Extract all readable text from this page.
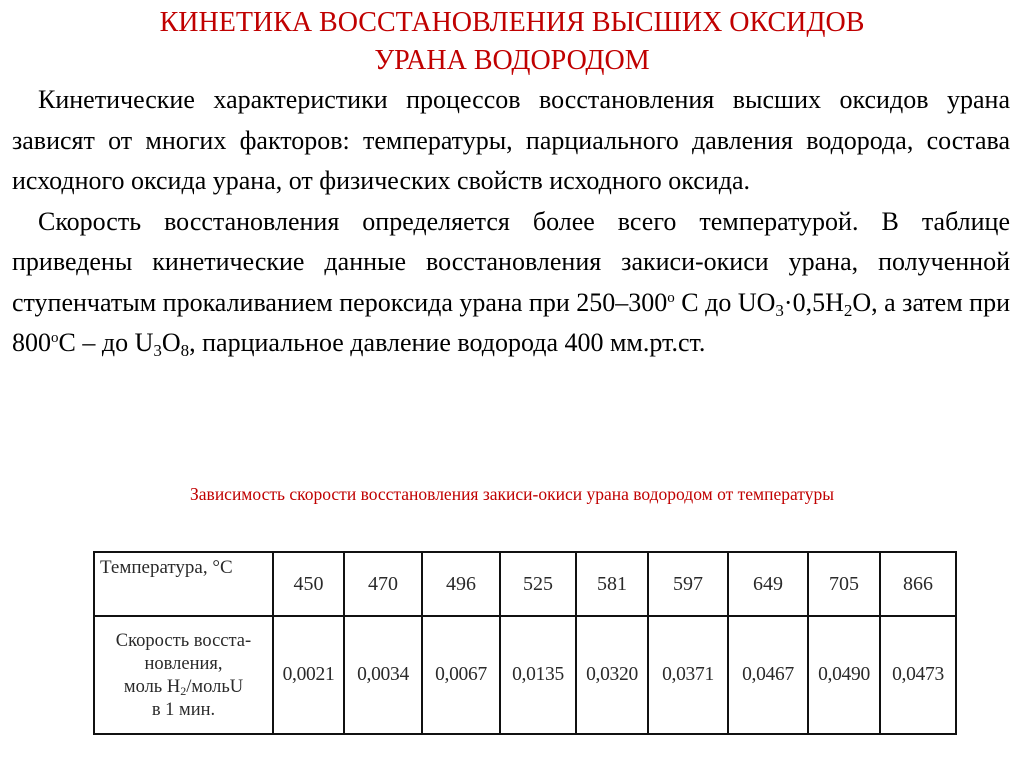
КИНЕТИКА ВОССТАНОВЛЕНИЯ ВЫСШИХ ОКСИДОВ
УРАНА ВОДОРОДОМ

Кинетические характеристики процессов восстановления высших оксидов урана зависят от многих факторов: температуры, парциального давления водорода, состава исходного оксида урана, от физических свойств исходного оксида.

Скорость восстановления определяется более всего температурой. В таблице приведены кинетические данные восстановления закиси-окиси урана, полученной ступенчатым прокаливанием пероксида урана при 250–300$^o$ С до $UO_3\cdot 0,5H_2O$, а затем при 800$^o$С – до $U_3O_8$, парциальное давление водорода 400 мм.рт.ст.

Зависимость скорости восстановления закиси-окиси урана водородом от температуры
Температура, °С	450	470	496	525	581	597	649	705	866

Скорость восста-
новления,
моль $H_2$/мольU
в 1 мин.	0,0021	0,0034	0,0067	0,0135	0,0320	0,0371	0,0467	0,0490	0,0473
